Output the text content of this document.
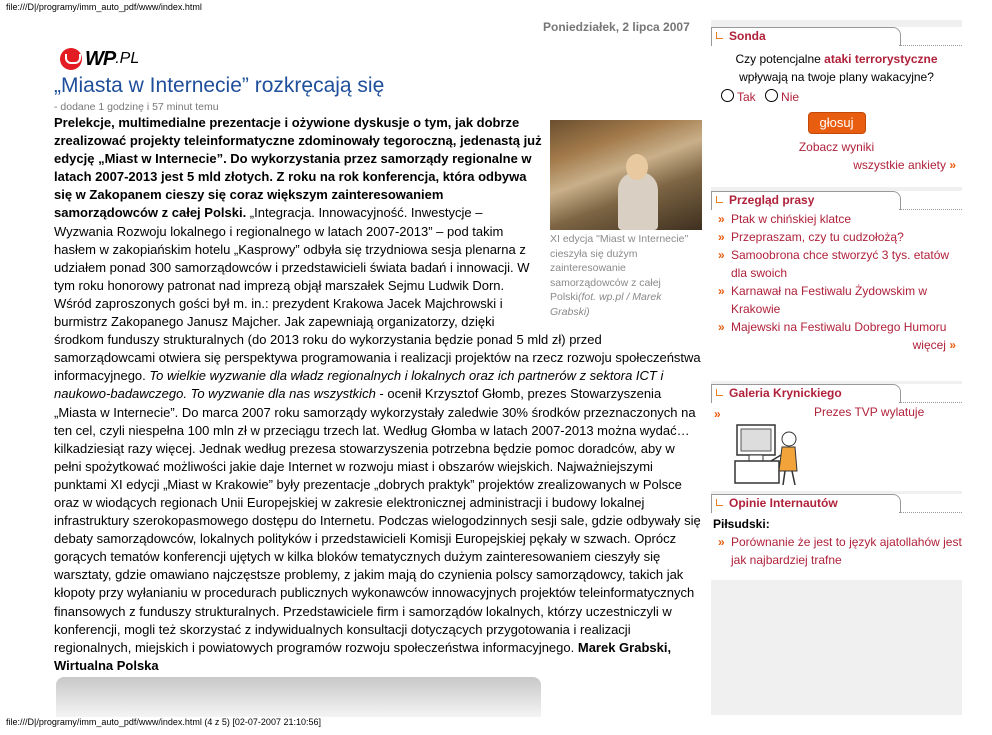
file:///D|/programy/imm_auto_pdf/www/index.html
Poniedziałek, 2 lipca 2007
WP .PL
„Miasta w Internecie” rozkręcają się
- dodane 1 godzinę i 57 minut temu
XI edycja "Miast w Internecie" cieszyła się dużym zainteresowanie samorządowców z całej Polski(fot. wp.pl / Marek Grabski)
Prelekcje, multimedialne prezentacje i ożywione dyskusje o tym, jak dobrze zrealizować projekty teleinformatyczne zdominowały tegoroczną, jedenastą już edycję „Miast w Internecie”. Do wykorzystania przez samorządy regionalne w latach 2007-2013 jest 5 mld złotych. Z roku na rok konferencja, która odbywa się w Zakopanem cieszy się coraz większym zainteresowaniem samorządowców z całej Polski. „Integracja. Innowacyjność. Inwestycje – Wyzwania Rozwoju lokalnego i regionalnego w latach 2007-2013” – pod takim hasłem w zakopiańskim hotelu „Kasprowy” odbyła się trzydniowa sesja plenarna z udziałem ponad 300 samorządowców i przedstawicieli świata badań i innowacji. W tym roku honorowy patronat nad imprezą objął marszałek Sejmu Ludwik Dorn. Wśród zaproszonych gości był m. in.: prezydent Krakowa Jacek Majchrowski i burmistrz Zakopanego Janusz Majcher. Jak zapewniają organizatorzy, dzięki środkom funduszy strukturalnych (do 2013 roku do wykorzystania będzie ponad 5 mld zł) przed samorządowcami otwiera się perspektywa programowania i realizacji projektów na rzecz rozwoju społeczeństwa informacyjnego. To wielkie wyzwanie dla władz regionalnych i lokalnych oraz ich partnerów z sektora ICT i naukowo-badawczego. To wyzwanie dla nas wszystkich - ocenił Krzysztof Głomb, prezes Stowarzyszenia „Miasta w Internecie”. Do marca 2007 roku samorządy wykorzystały zaledwie 30% środków przeznaczonych na ten cel, czyli niespełna 100 mln zł w przeciągu trzech lat. Według Głomba w latach 2007-2013 można wydać… kilkadziesiąt razy więcej. Jednak według prezesa stowarzyszenia potrzebna będzie pomoc doradców, aby w pełni spożytkować możliwości jakie daje Internet w rozwoju miast i obszarów wiejskich. Najważniejszymi punktami XI edycji „Miast w Krakowie” były prezentacje „dobrych praktyk” projektów zrealizowanych w Polsce oraz w wiodących regionach Unii Europejskiej w zakresie elektronicznej administracji i budowy lokalnej infrastruktury szerokopasmowego dostępu do Internetu. Podczas wielogodzinnych sesji sale, gdzie odbywały się debaty samorządowców, lokalnych polityków i przedstawicieli Komisji Europejskiej pękały w szwach. Oprócz gorących tematów konferencji ujętych w kilka bloków tematycznych dużym zainteresowaniem cieszyły się warsztaty, gdzie omawiano najczęstsze problemy, z jakim mają do czynienia polscy samorządowcy, takich jak kłopoty przy wyłanianiu w procedurach publicznych wykonawców innowacyjnych projektów teleinformatycznych finansowych z funduszy strukturalnych. Przedstawiciele firm i samorządów lokalnych, którzy uczestniczyli w konferencji, mogli też skorzystać z indywidualnych konsultacji dotyczących przygotowania i realizacji regionalnych, miejskich i powiatowych programów rozwoju społeczeństwa informacyjnego. Marek Grabski, Wirtualna Polska
Sonda
Czy potencjalne ataki terrorystyczne wpływają na twoje plany wakacyjne?
Tak Nie
głosuj
Zobacz wyniki
wszystkie ankiety »
Przegląd prasy
» Ptak w chińskiej klatce
» Przepraszam, czy tu cudzołożą?
» Samoobrona chce stworzyć 3 tys. etatów dla swoich
» Karnawał na Festiwalu Żydowskim w Krakowie
» Majewski na Festiwalu Dobrego Humoru
więcej »
Galeria Krynickiego
»	Prezes TVP wylatuje
Opinie Internautów
Piłsudski:
» Porównanie że jest to język ajatollahów jest jak najbardziej trafne
file:///D|/programy/imm_auto_pdf/www/index.html (4 z 5) [02-07-2007 21:10:56]
